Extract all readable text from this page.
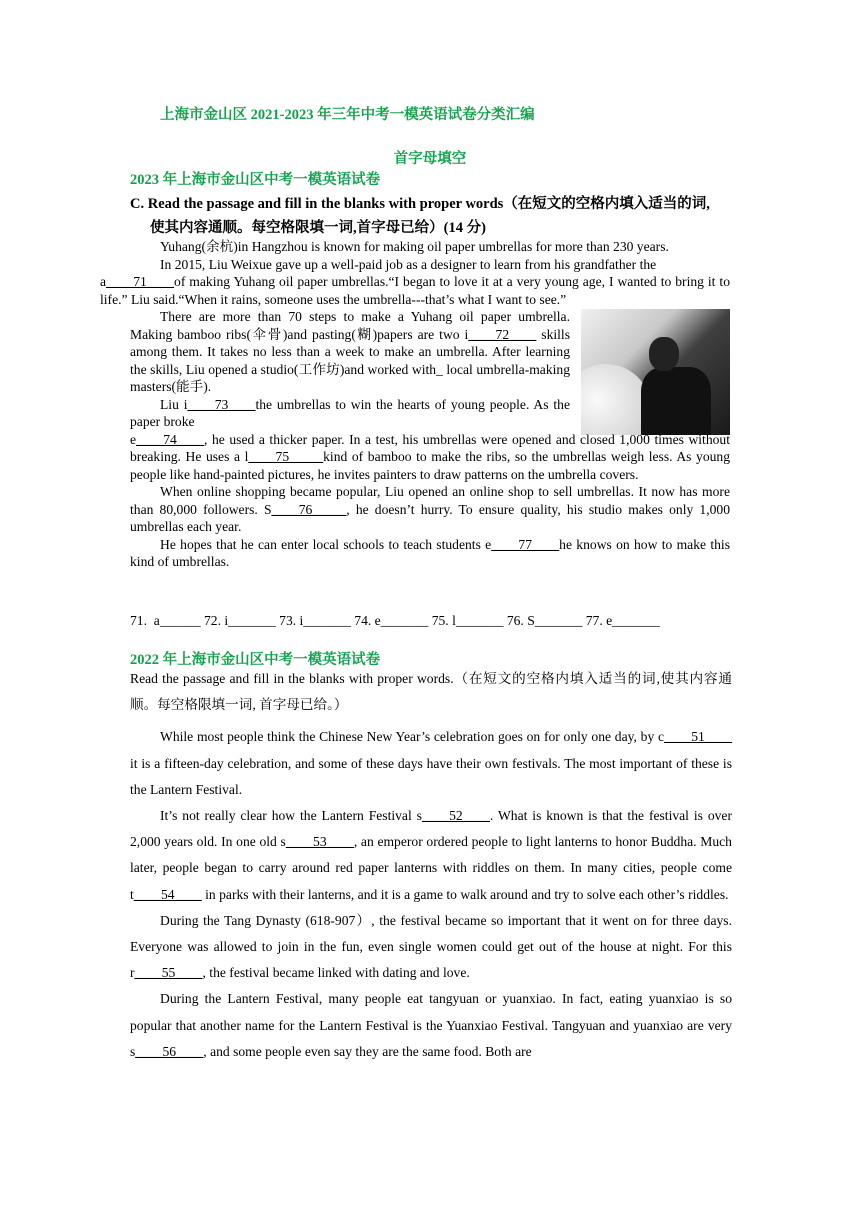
上海市金山区 2021-2023 年三年中考一模英语试卷分类汇编
首字母填空
2023 年上海市金山区中考一模英语试卷
C. Read the passage and fill in the blanks with proper words（在短文的空格内填入适当的词,
使其内容通顺。每空格限填一词,首字母已给）(14 分)

Yuhang(余杭)in Hangzhou is known for making oil paper umbrellas for more than 230 years.

In 2015, Liu Weixue gave up a well-paid job as a designer to learn from his grandfather the
a____71____of making Yuhang oil paper umbrellas.“I began to love it at a very young age, I wanted to bring it to life.” Liu said.“When it rains, someone uses the umbrella---that’s what I want to see.”

There are more than 70 steps to make a Yuhang oil paper umbrella. Making bamboo ribs(伞骨)and pasting(糊)papers are two i____72____ skills among them. It takes no less than a week to make an umbrella. After learning the skills, Liu opened a studio(工作坊)and worked with_ local umbrella-making masters(能手).

Liu i____73____the umbrellas to win the hearts of young people. As the paper broke

e____74____, he used a thicker paper. In a test, his umbrellas were opened and closed 1,000 times without breaking. He uses a l____75_____kind of bamboo to make the ribs, so the umbrellas weigh less. As young people like hand-painted pictures, he invites painters to draw patterns on the umbrella covers.

When online shopping became popular, Liu opened an online shop to sell umbrellas. It now has more than 80,000 followers. S____76_____, he doesn’t hurry. To ensure quality, his studio makes only 1,000 umbrellas each year.

He hopes that he can enter local schools to teach students e____77____he knows on how to make this kind of umbrellas.

71.  a______ 72. i_______ 73. i_______ 74. e_______ 75. l_______ 76. S_______ 77. e_______
2022 年上海市金山区中考一模英语试卷

Read the passage and fill in the blanks with proper words.（在短文的空格内填入适当的词,使其内容通顺。每空格限填一词, 首字母已给。）

While most people think the Chinese New Year’s celebration goes on for only one day, by c____51____ it is a fifteen-day celebration, and some of these days have their own festivals. The most important of these is the Lantern Festival.

It’s not really clear how the Lantern Festival s____52____. What is known is that the festival is over 2,000 years old. In one old s____53____, an emperor ordered people to light lanterns to honor Buddha. Much later, people began to carry around red paper lanterns with riddles on them. In many cities, people come t____54____ in parks with their lanterns, and it is a game to walk around and try to solve each other’s riddles.

During the Tang Dynasty (618-907）, the festival became so important that it went on for three days. Everyone was allowed to join in the fun, even single women could get out of the house at night. For this r____55____, the festival became linked with dating and love.

During the Lantern Festival, many people eat tangyuan or yuanxiao. In fact, eating yuanxiao is so popular that another name for the Lantern Festival is the Yuanxiao Festival. Tangyuan and yuanxiao are very s____56____, and some people even say they are the same food. Both are
